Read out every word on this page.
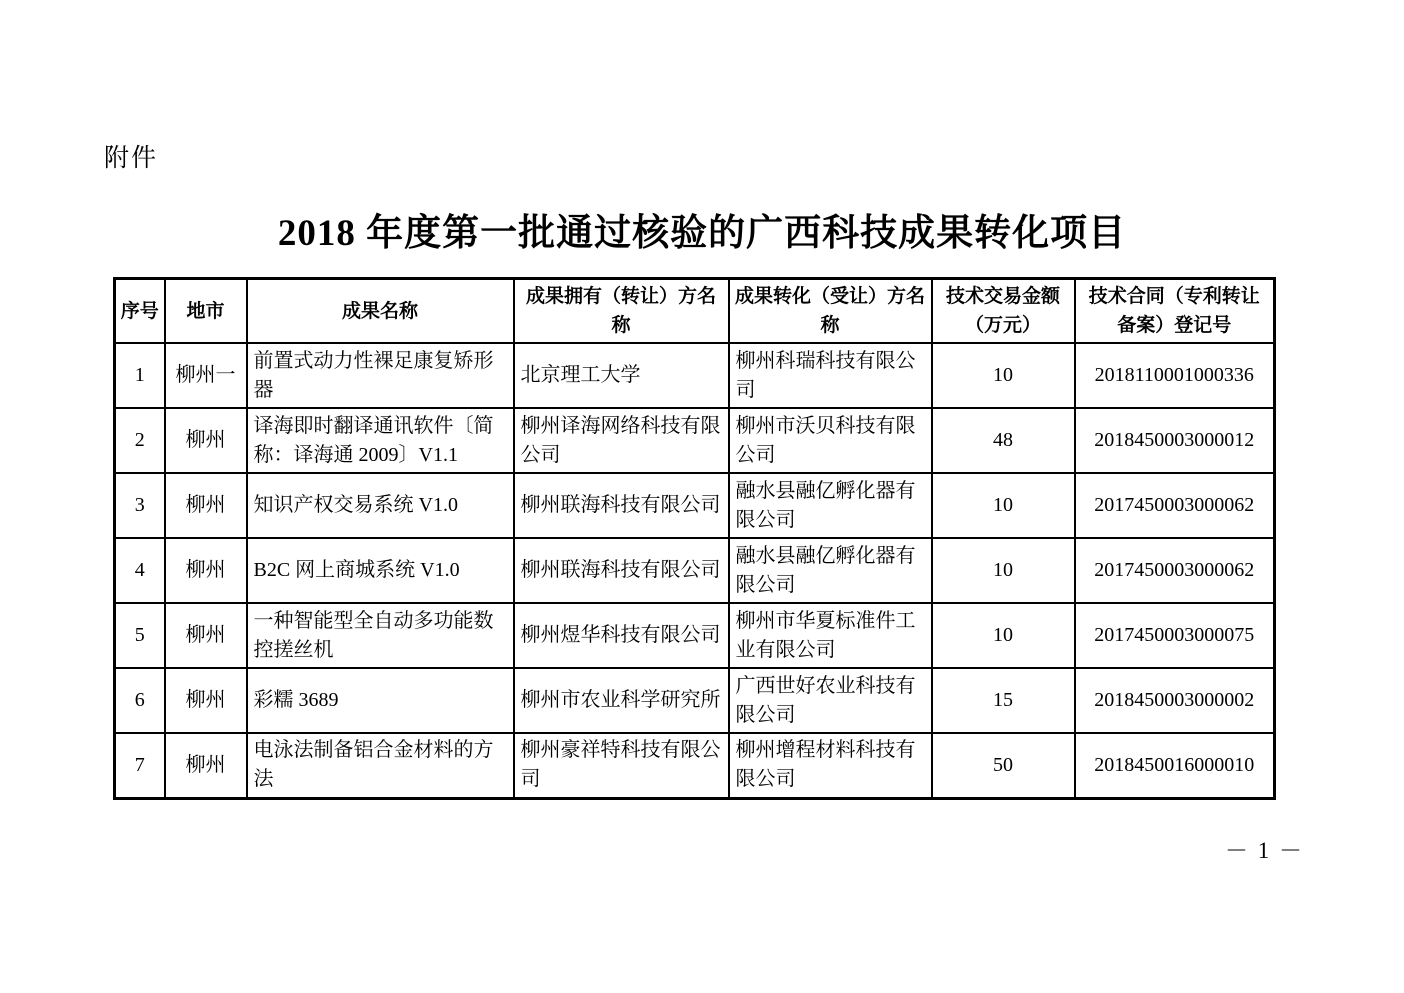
附件
2018 年度第一批通过核验的广西科技成果转化项目
序号	地市	成果名称	成果拥有（转让）方名称	成果转化（受让）方名称	技术交易金额（万元）	技术合同（专利转让备案）登记号
1	柳州一	前置式动力性裸足康复矫形器	北京理工大学	柳州科瑞科技有限公司	10	2018110001000336
2	柳州	译海即时翻译通讯软件〔简称：译海通 2009〕V1.1	柳州译海网络科技有限公司	柳州市沃贝科技有限公司	48	2018450003000012
3	柳州	知识产权交易系统 V1.0	柳州联海科技有限公司	融水县融亿孵化器有限公司	10	2017450003000062
4	柳州	B2C 网上商城系统 V1.0	柳州联海科技有限公司	融水县融亿孵化器有限公司	10	2017450003000062
5	柳州	一种智能型全自动多功能数控搓丝机	柳州煜华科技有限公司	柳州市华夏标准件工业有限公司	10	2017450003000075
6	柳州	彩糯 3689	柳州市农业科学研究所	广西世好农业科技有限公司	15	2018450003000002
7	柳州	电泳法制备铝合金材料的方法	柳州豪祥特科技有限公司	柳州增程材料科技有限公司	50	2018450016000010
－ 1 －
